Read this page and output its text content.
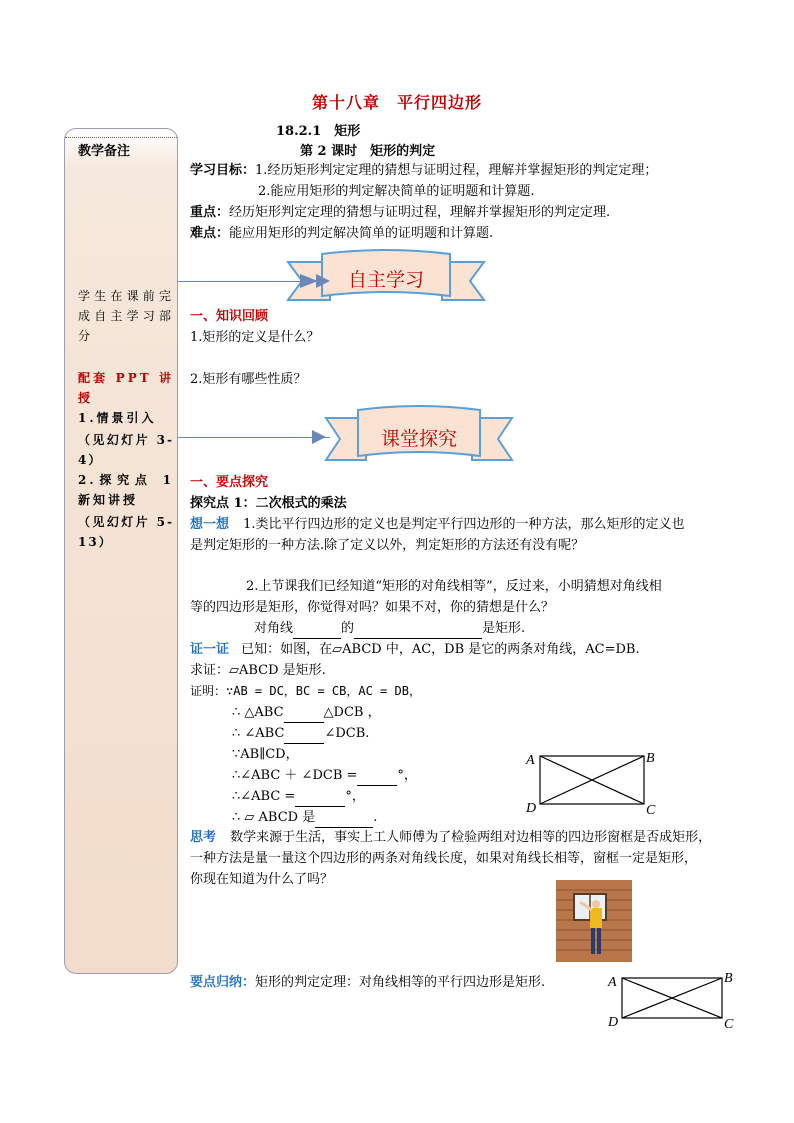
第十八章　平行四边形
教学备注
学生在课前完成自主学习部分
配套 PPT 讲授
1.情景引入
（见幻灯片 3-4）
2.探究点 1 新知讲授
（见幻灯片 5-13）
18.2.1　矩形
第 2 课时　矩形的判定
学习目标：1.经历矩形判定定理的猜想与证明过程，理解并掌握矩形的判定定理；
2.能应用矩形的判定解决简单的证明题和计算题.
重点：经历矩形判定定理的猜想与证明过程，理解并掌握矩形的判定定理.
难点：能应用矩形的判定解决简单的证明题和计算题.
自主学习
一、知识回顾
1.矩形的定义是什么？
2.矩形有哪些性质？
课堂探究
一、要点探究
探究点 1：二次根式的乘法
想一想 1.类比平行四边形的定义也是判定平行四边形的一种方法，那么矩形的定义也
是判定矩形的一种方法.除了定义以外，判定矩形的方法还有没有呢？
2.上节课我们已经知道“矩形的对角线相等”，反过来，小明猜想对角线相
等的四边形是矩形，你觉得对吗？如果不对，你的猜想是什么？
对角线	的	是矩形.
证一证 已知：如图，在▱ABCD 中，AC，DB 是它的两条对角线，AC=DB.
求证：▱ABCD 是矩形.
证明：∵AB = DC，BC = CB，AC = DB，
∴ △ABC	△DCB ，
∴ ∠ABC	∠DCB.
∵AB∥CD，
∴∠ABC ＋ ∠DCB =	°，
∴∠ABC =	°，
∴ ▱ ABCD 是	.
A	B
C
D
思考 数学来源于生活，事实上工人师傅为了检验两组对边相等的四边形窗框是否成矩形，
一种方法是量一量这个四边形的两条对角线长度，如果对角线长相等，窗框一定是矩形，
你现在知道为什么了吗？
要点归纳：矩形的判定定理：对角线相等的平行四边形是矩形.	A	B
C
D
